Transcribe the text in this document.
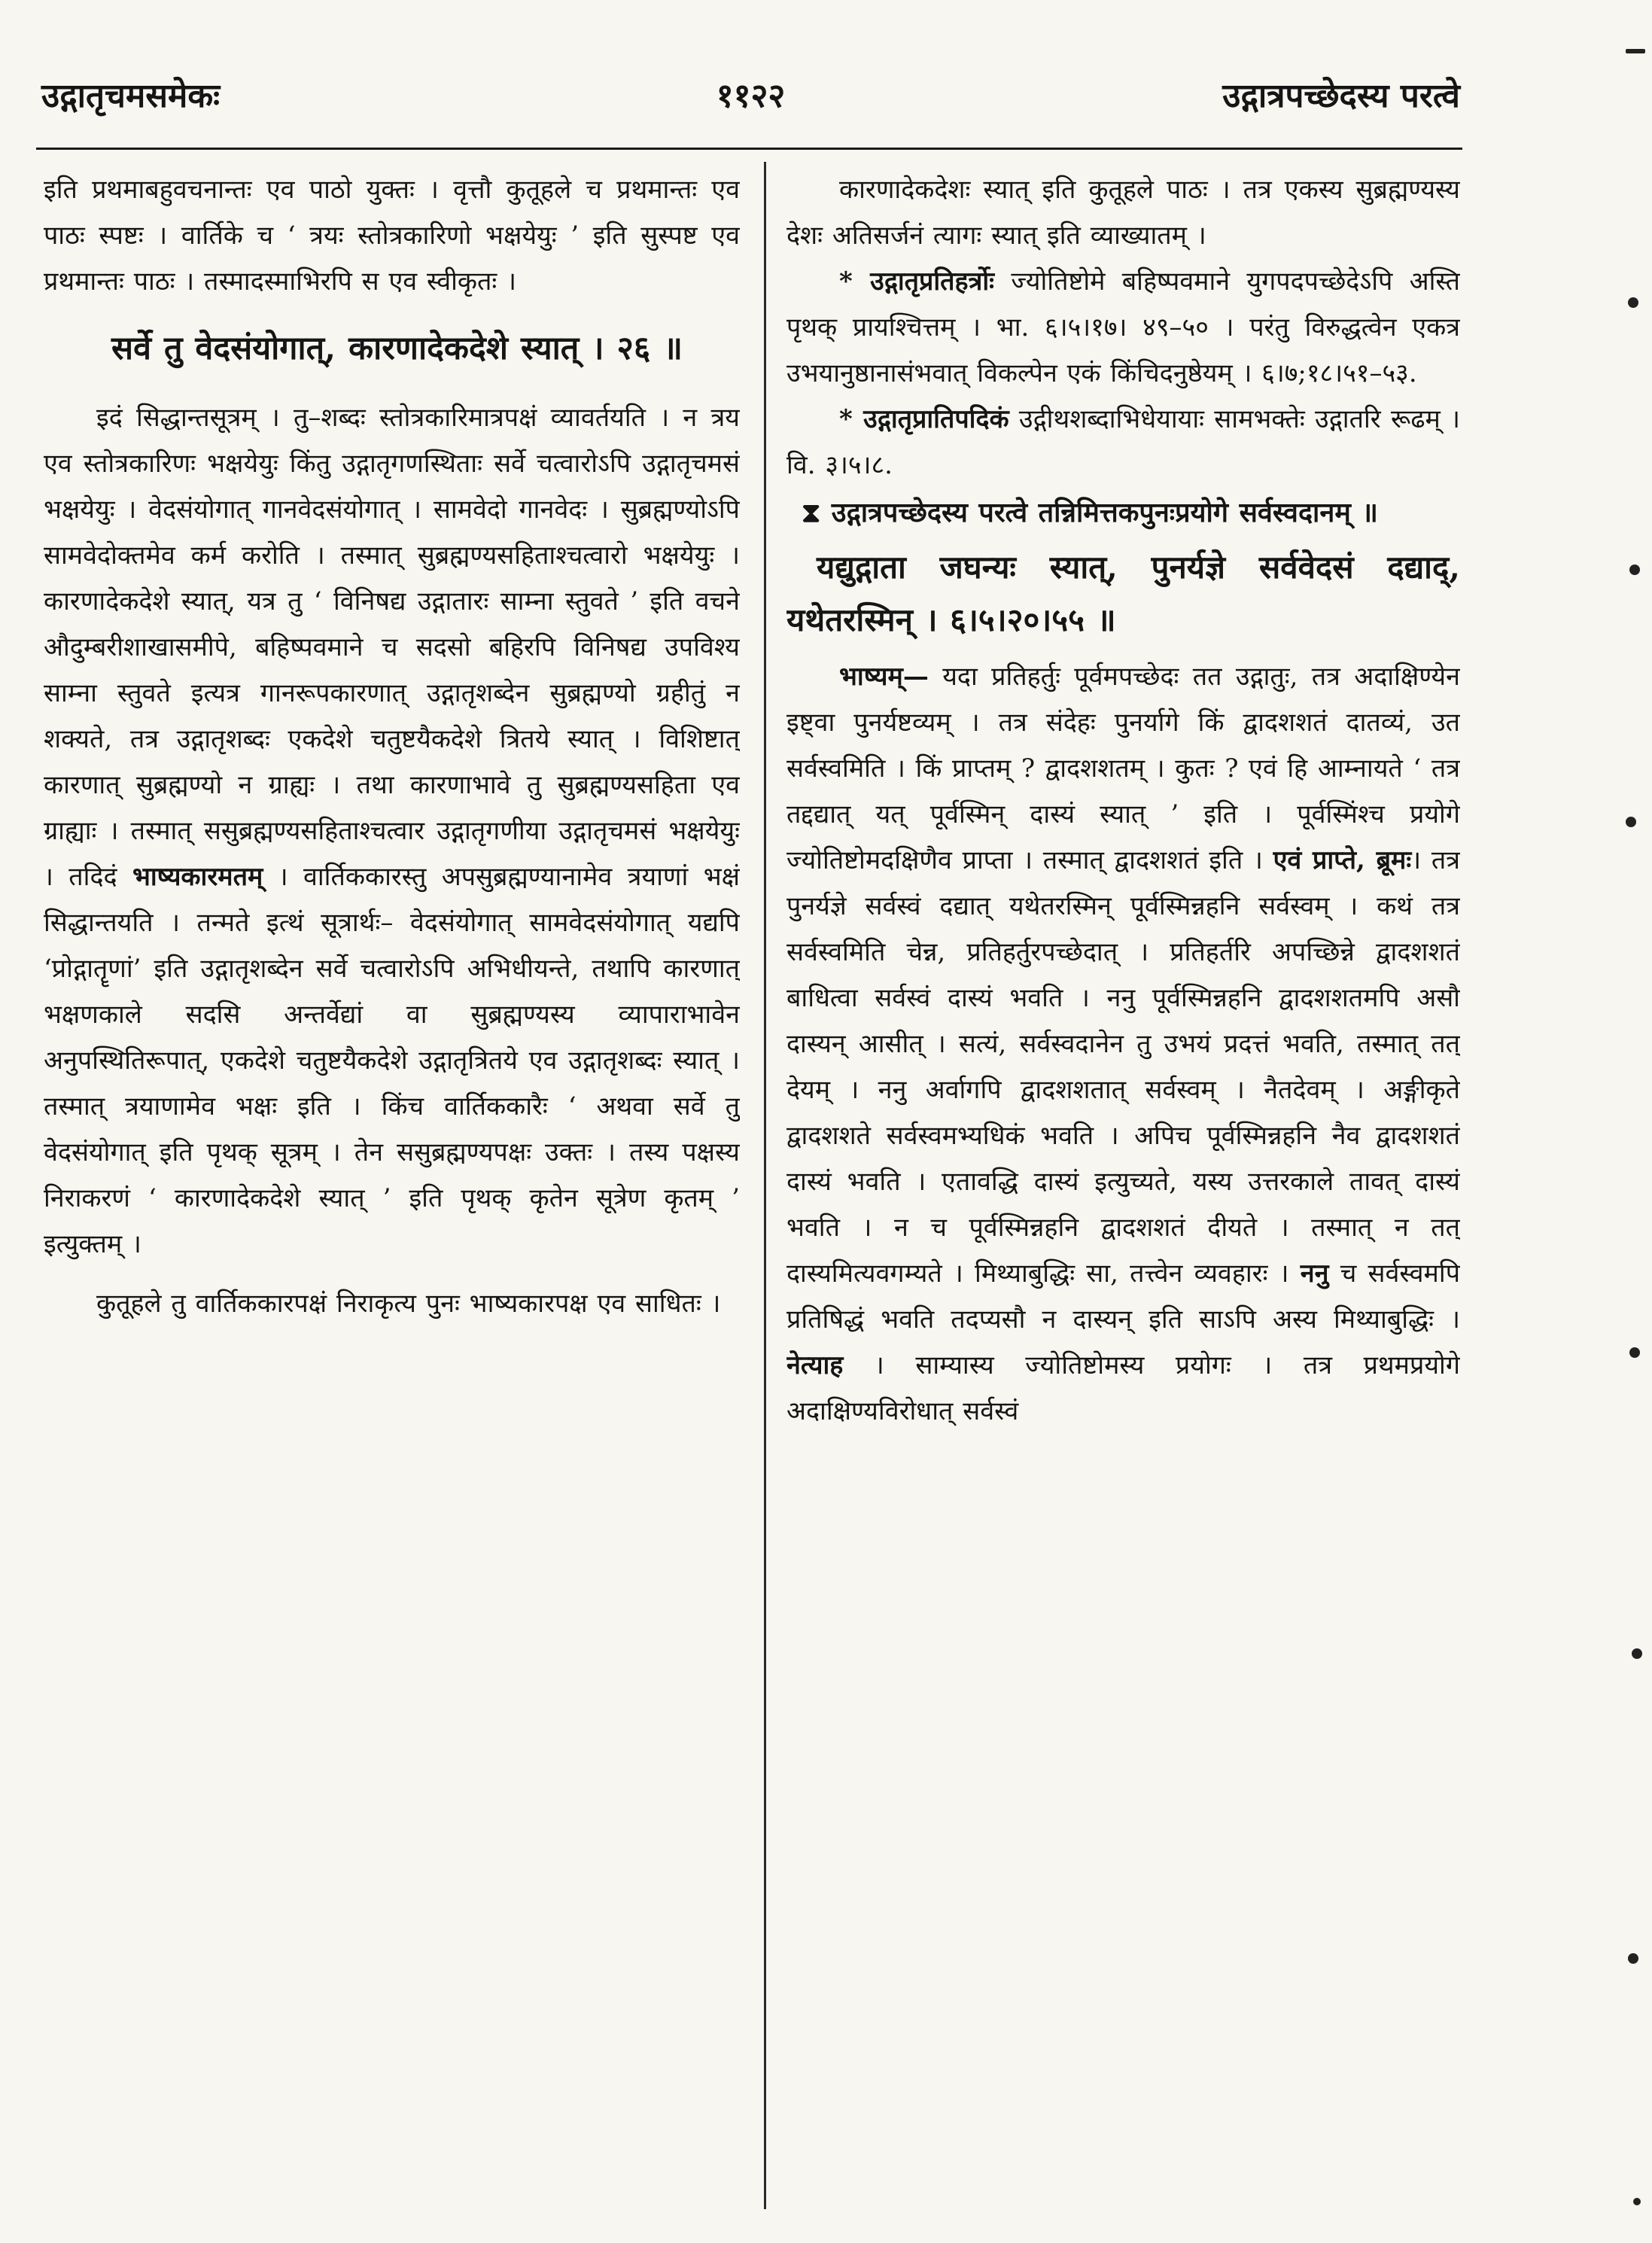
उद्गातृचमसमेकः	११२२	उद्गात्रपच्छेदस्य परत्वे

इति प्रथमाबहुवचनान्तः एव पाठो युक्तः । वृत्तौ कुतूहले च प्रथमान्तः एव पाठः स्पष्टः । वार्तिके च ‘ त्रयः स्तोत्रकारिणो भक्षयेयुः ’ इति सुस्पष्ट एव प्रथमान्तः पाठः । तस्मादस्माभिरपि स एव स्वीकृतः ।

सर्वे तु वेदसंयोगात्, कारणादेकदेशे स्यात् । २६ ॥

इदं सिद्धान्तसूत्रम् । तु–शब्दः स्तोत्रकारिमात्रपक्षं व्यावर्तयति । न त्रय एव स्तोत्रकारिणः भक्षयेयुः किंतु उद्गातृगणस्थिताः सर्वे चत्वारोऽपि उद्गातृचमसं भक्षयेयुः । वेदसंयोगात् गानवेदसंयोगात् । सामवेदो गानवेदः । सुब्रह्मण्योऽपि सामवेदोक्तमेव कर्म करोति । तस्मात् सुब्रह्मण्यसहिताश्चत्वारो भक्षयेयुः । कारणादेकदेशे स्यात्, यत्र तु ‘ विनिषद्य उद्गातारः साम्ना स्तुवते ’ इति वचने औदुम्बरीशाखासमीपे, बहिष्पवमाने च सदसो बहिरपि विनिषद्य उपविश्य साम्ना स्तुवते इत्यत्र गानरूपकारणात् उद्गातृशब्देन सुब्रह्मण्यो ग्रहीतुं न शक्यते, तत्र उद्गातृशब्दः एकदेशे चतुष्टयैकदेशे त्रितये स्यात् । विशिष्टात् कारणात् सुब्रह्मण्यो न ग्राह्यः । तथा कारणाभावे तु सुब्रह्मण्यसहिता एव ग्राह्याः । तस्मात् ससुब्रह्मण्यसहिताश्चत्वार उद्गातृगणीया उद्गातृचमसं भक्षयेयुः । तदिदं भाष्यकारमतम् । वार्तिककारस्तु अपसुब्रह्मण्यानामेव त्रयाणां भक्षं सिद्धान्तयति । तन्मते इत्थं सूत्रार्थः– वेदसंयोगात् सामवेदसंयोगात् यद्यपि ‘प्रोद्गातॄणां’ इति उद्गातृशब्देन सर्वे चत्वारोऽपि अभिधीयन्ते, तथापि कारणात् भक्षणकाले सदसि अन्तर्वेद्यां वा सुब्रह्मण्यस्य व्यापाराभावेन अनुपस्थितिरूपात्, एकदेशे चतुष्टयैकदेशे उद्गातृत्रितये एव उद्गातृशब्दः स्यात् । तस्मात् त्रयाणामेव भक्षः इति । किंच वार्तिककारैः ‘ अथवा सर्वे तु वेदसंयोगात् इति पृथक् सूत्रम् । तेन ससुब्रह्मण्यपक्षः उक्तः । तस्य पक्षस्य निराकरणं ‘ कारणादेकदेशे स्यात् ’ इति पृथक् कृतेन सूत्रेण कृतम् ’ इत्युक्तम् ।

कुतूहले तु वार्तिककारपक्षं निराकृत्य पुनः भाष्यकारपक्ष एव साधितः ।

कारणादेकदेशः स्यात् इति कुतूहले पाठः । तत्र एकस्य सुब्रह्मण्यस्य देशः अतिसर्जनं त्यागः स्यात् इति व्याख्यातम् ।

* उद्गातृप्रतिहर्त्रोः ज्योतिष्टोमे बहिष्पवमाने युगपदपच्छेदेऽपि अस्ति पृथक् प्रायश्चित्तम् । भा. ६।५।१७। ४९–५० । परंतु विरुद्धत्वेन एकत्र उभयानुष्ठानासंभवात् विकल्पेन एकं किंचिदनुष्ठेयम् । ६।७;१८।५१–५३.

* उद्गातृप्रातिपदिकं उद्गीथशब्दाभिधेयायाः सामभक्तेः उद्गातरि रूढम् । वि. ३।५।८.

⧗ उद्गात्रपच्छेदस्य परत्वे तन्निमित्तकपुनःप्रयोगे सर्वस्वदानम् ॥

यद्युद्गाता जघन्यः स्यात्, पुनर्यज्ञे सर्ववेदसं दद्याद्, यथेतरस्मिन् । ६।५।२०।५५ ॥

भाष्यम्— यदा प्रतिहर्तुः पूर्वमपच्छेदः तत उद्गातुः, तत्र अदाक्षिण्येन इष्ट्वा पुनर्यष्टव्यम् । तत्र संदेहः पुनर्यागे किं द्वादशशतं दातव्यं, उत सर्वस्वमिति । किं प्राप्तम् ? द्वादशशतम् । कुतः ? एवं हि आम्नायते ‘ तत्र तद्दद्यात् यत् पूर्वस्मिन् दास्यं स्यात् ’ इति । पूर्वस्मिंश्च प्रयोगे ज्योतिष्टोमदक्षिणैव प्राप्ता । तस्मात् द्वादशशतं इति । एवं प्राप्ते, ब्रूमः। तत्र पुनर्यज्ञे सर्वस्वं दद्यात् यथेतरस्मिन् पूर्वस्मिन्नहनि सर्वस्वम् । कथं तत्र सर्वस्वमिति चेन्न, प्रतिहर्तुरपच्छेदात् । प्रतिहर्तरि अपच्छिन्ने द्वादशशतं बाधित्वा सर्वस्वं दास्यं भवति । ननु पूर्वस्मिन्नहनि द्वादशशतमपि असौ दास्यन् आसीत् । सत्यं, सर्वस्वदानेन तु उभयं प्रदत्तं भवति, तस्मात् तत् देयम् । ननु अर्वागपि द्वादशशतात् सर्वस्वम् । नैतदेवम् । अङ्गीकृते द्वादशशते सर्वस्वमभ्यधिकं भवति । अपिच पूर्वस्मिन्नहनि नैव द्वादशशतं दास्यं भवति । एतावद्धि दास्यं इत्युच्यते, यस्य उत्तरकाले तावत् दास्यं भवति । न च पूर्वस्मिन्नहनि द्वादशशतं दीयते । तस्मात् न तत् दास्यमित्यवगम्यते । मिथ्याबुद्धिः सा, तत्त्वेन व्यवहारः । ननु च सर्वस्वमपि प्रतिषिद्धं भवति तदप्यसौ न दास्यन् इति साऽपि अस्य मिथ्याबुद्धिः । नेत्याह । साम्यास्य ज्योतिष्टोमस्य प्रयोगः । तत्र प्रथमप्रयोगे अदाक्षिण्यविरोधात् सर्वस्वं
